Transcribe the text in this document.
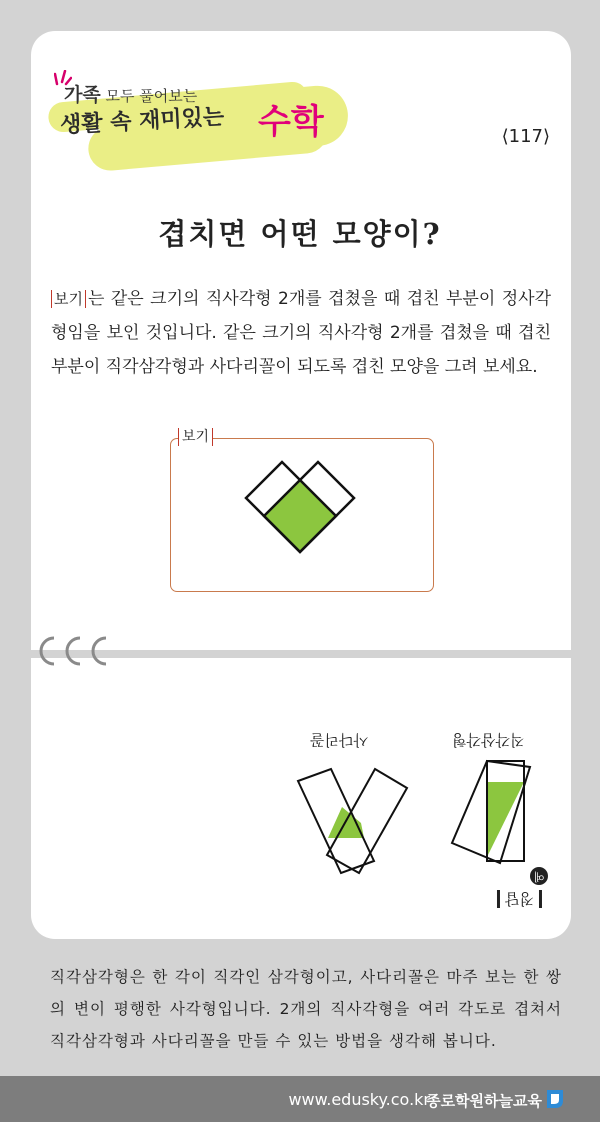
가족 모두 풀어보는
생활 속 재미있는 수학	⟨117⟩
겹치면 어떤 모양이?
보기 는 같은 크기의 직사각형 2개를 겹쳤을 때 겹친 부분이 정사각형임을 보인 것입니다. 같은 크기의 직사각형 2개를 겹쳤을 때 겹친 부분이 직각삼각형과 사다리꼴이 되도록 겹친 모양을 그려 보세요.
보기
사다리꼴	직각삼각형
예
정답
직각삼각형은 한 각이 직각인 삼각형이고, 사다리꼴은 마주 보는 한 쌍의 변이 평행한 사각형입니다. 2개의 직사각형을 여러 각도로 겹쳐서 직각삼각형과 사다리꼴을 만들 수 있는 방법을 생각해 봅니다.
www.edusky.co.kr
종로학원하늘교육
